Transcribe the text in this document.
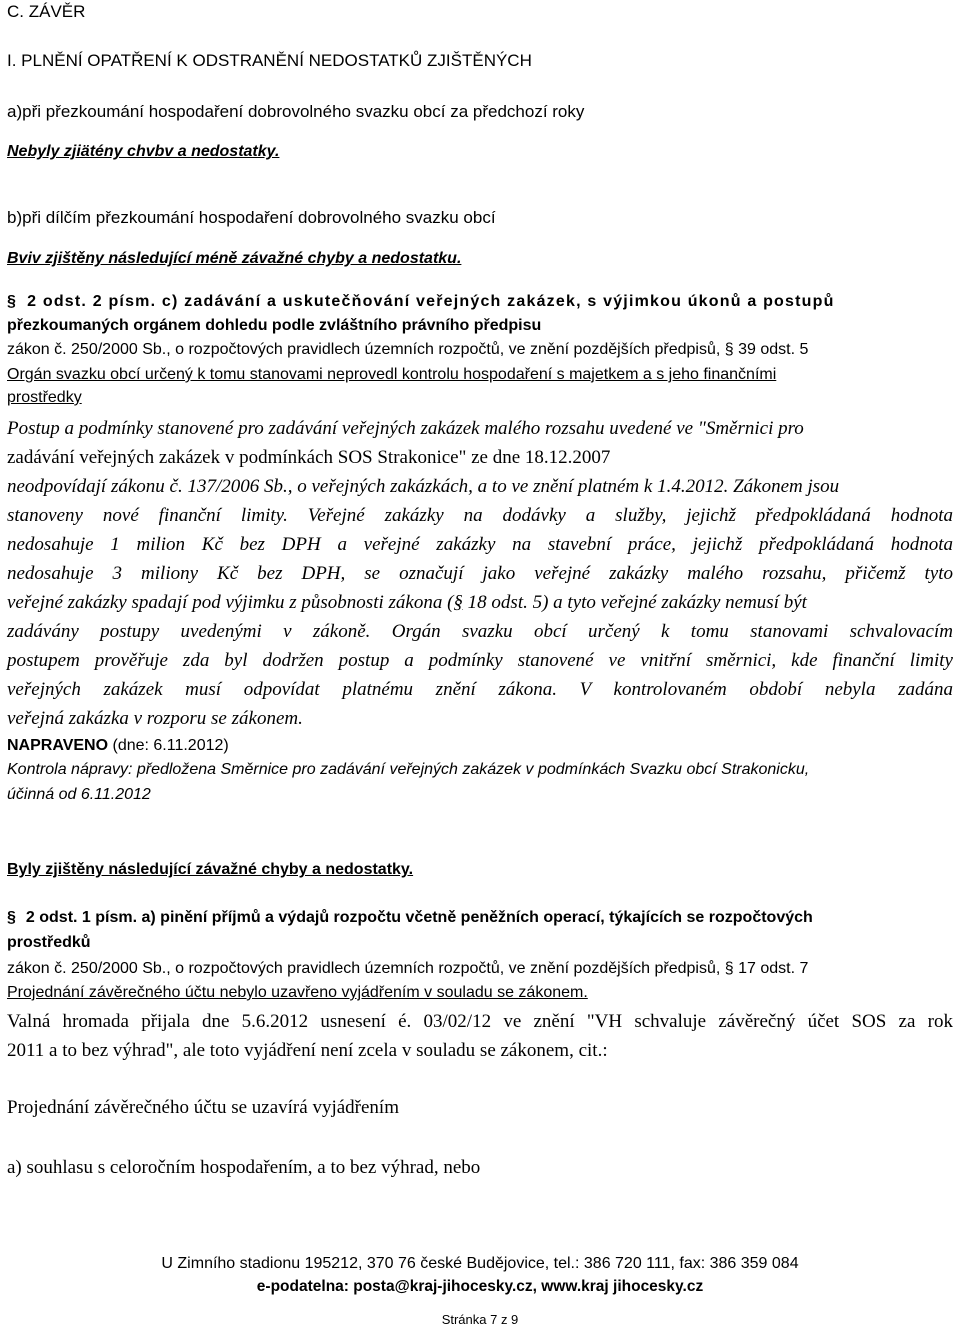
C. ZÁVĚR
I. PLNĚNÍ OPATŘENÍ K ODSTRANĚNÍ NEDOSTATKŮ ZJIŠTĚNÝCH
a)při přezkoumání hospodaření dobrovolného svazku obcí za předchozí roky
Nebyly zjiätény chvbv a nedostatky.
b)při dílčím přezkoumání hospodaření dobrovolného svazku obcí
Bviv zjištěny následující méně závažné chyby a nedostatku.
§ 2 odst. 2 písm. c) zadávání a uskutečňování veřejných zakázek, s výjimkou úkonů a postupů
přezkoumaných orgánem dohledu podle zvláštního právního předpisu
zákon č. 250/2000 Sb., o rozpočtových pravidlech územních rozpočtů, ve znění pozdějších předpisů, § 39 odst. 5
Orgán svazku obcí určený k tomu stanovami neprovedl kontrolu hospodaření s majetkem a s jeho finančními
prostředky
Postup a podmínky stanovené pro zadávání veřejných zakázek malého rozsahu uvedené ve "Směrnici pro
zadávání veřejných zakázek v podmínkách SOS Strakonice" ze dne 18.12.2007
neodpovídají zákonu č. 137/2006 Sb., o veřejných zakázkách, a to ve znění platném k 1.4.2012. Zákonem jsou
stanoveny nové finanční limity. Veřejné zakázky na dodávky a služby, jejichž předpokládaná hodnota
nedosahuje 1 milion Kč bez DPH a veřejné zakázky na stavební práce, jejichž předpokládaná hodnota
nedosahuje 3 miliony Kč bez DPH, se označují jako veřejné zakázky malého rozsahu, přičemž tyto
veřejné zakázky spadají pod výjimku z působnosti zákona (§ 18 odst. 5) a tyto veřejné zakázky nemusí být
zadávány postupy uvedenými v zákoně. Orgán svazku obcí určený k tomu stanovami schvalovacím
postupem prověřuje zda byl dodržen postup a podmínky stanovené ve vnitřní směrnici, kde finanční limity
veřejných zakázek musí odpovídat platnému znění zákona. V kontrolovaném období nebyla zadána
veřejná zakázka v rozporu se zákonem.
NAPRAVENO (dne: 6.11.2012)
Kontrola nápravy: předložena Směrnice pro zadávání veřejných zakázek v podmínkách Svazku obcí Strakonicku,
účinná od 6.11.2012
Byly zjištěny následující závažné chyby a nedostatky.
§ 2 odst. 1 písm. a) pinění příjmů a výdajů rozpočtu včetně peněžních operací, týkajících se rozpočtových
prostředků
zákon č. 250/2000 Sb., o rozpočtových pravidlech územních rozpočtů, ve znění pozdějších předpisů, § 17 odst. 7
Projednání závěrečného účtu nebylo uzavřeno vyjádřením v souladu se zákonem.
Valná hromada přijala dne 5.6.2012 usnesení é. 03/02/12 ve znění "VH schvaluje závěrečný účet SOS za rok
2011 a to bez výhrad", ale toto vyjádření není zcela v souladu se zákonem, cit.:
Projednání závěrečného účtu se uzavírá vyjádřením
a) souhlasu s celoročním hospodařením, a to bez výhrad, nebo
U Zimního stadionu 195212, 370 76 české Budějovice, tel.: 386 720 111, fax: 386 359 084
e-podatelna: posta@kraj-jihocesky.cz, www.kraj jihocesky.cz
Stránka 7 z 9
